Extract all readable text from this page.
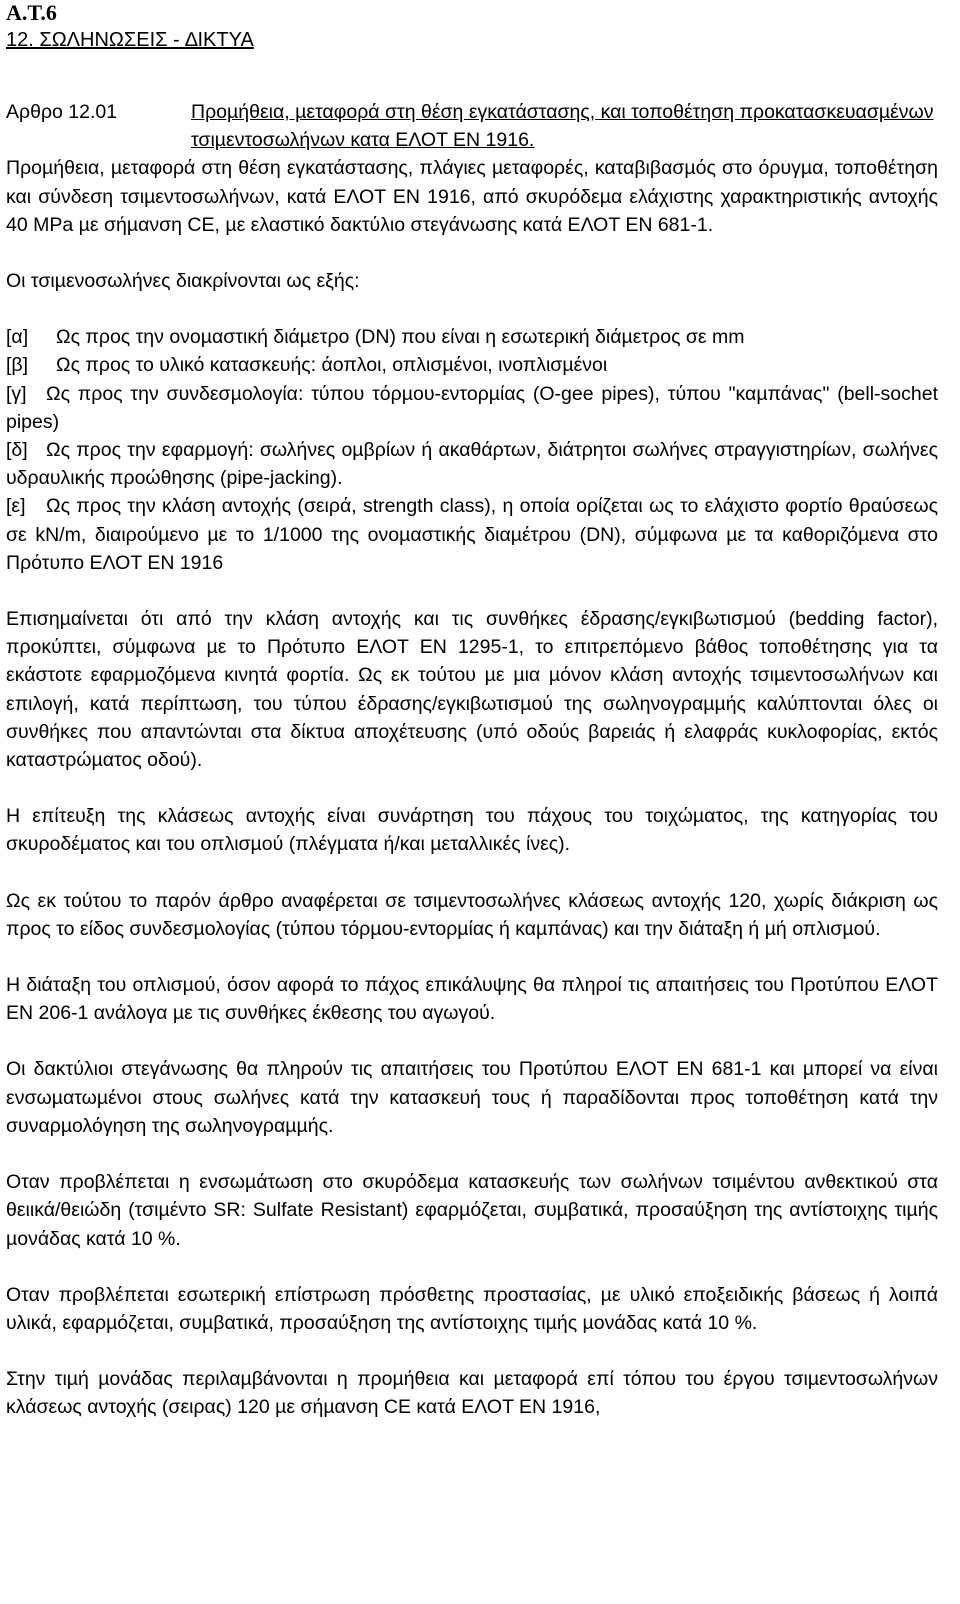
Α.Τ.6
12. ΣΩΛΗΝΩΣΕΙΣ - ∆ΙΚΤΥΑ
Αρθρο 12.01	Προµήθεια, µεταφορά στη θέση εγκατάστασης, και τοποθέτηση προκατασκευασµένων τσιµεντοσωλήνων κατα ΕΛΟΤ ΕΝ 1916.

Προµήθεια, µεταφορά στη θέση εγκατάστασης, πλάγιες µεταφορές, καταβιβασµός στο όρυγµα, τοποθέτηση και σύνδεση τσιµεντοσωλήνων, κατά ΕΛΟΤ ΕΝ 1916, από σκυρόδεµα ελάχιστης χαρακτηριστικής αντοχής 40 MPa µε σήµανση CE, µε ελαστικό δακτύλιο στεγάνωσης κατά ΕΛΟΤ ΕΝ 681-1.

Οι τσιµενοσωλήνες διακρίνονται ως εξής:

[α]	Ως προς την ονοµαστική διάµετρο (DN) που είναι η εσωτερική διάµετρος σε mm
[β]	Ως προς το υλικό κατασκευής: άοπλοι, οπλισµένοι, ινοπλισµένοι

[γ] Ως προς την συνδεσµολογία: τύπου τόρµου-εντορµίας (O-gee pipes), τύπου "καµπάνας" (bell-sochet pipes)

[δ] Ως προς την εφαρµογή: σωλήνες οµβρίων ή ακαθάρτων, διάτρητοι σωλήνες στραγγιστηρίων, σωλήνες υδραυλικής προώθησης (pipe-jacking).

[ε] Ως προς την κλάση αντοχής (σειρά, strength class), η οποία ορίζεται ως το ελάχιστο φορτίο θραύσεως σε kN/m, διαιρούµενο µε το 1/1000 της ονοµαστικής διαµέτρου (DN), σύµφωνα µε τα καθοριζόµενα στο Πρότυπο ΕΛΟΤ ΕΝ 1916

Επισηµαίνεται ότι από την κλάση αντοχής και τις συνθήκες έδρασης/εγκιβωτισµού (bedding factor), προκύπτει, σύµφωνα µε το Πρότυπο ΕΛΟΤ ΕΝ 1295-1, το επιτρεπόµενο βάθος τοποθέτησης για τα εκάστοτε εφαρµοζόµενα κινητά φορτία. Ως εκ τούτου µε µια µόνον κλάση αντοχής τσιµεντοσωλήνων και επιλογή, κατά περίπτωση, του τύπου έδρασης/εγκιβωτισµού της σωληνογραµµής καλύπτονται όλες οι συνθήκες που απαντώνται στα δίκτυα αποχέτευσης (υπό οδούς βαρειάς ή ελαφράς κυκλοφορίας, εκτός καταστρώµατος οδού).

Η επίτευξη της κλάσεως αντοχής είναι συνάρτηση του πάχους του τοιχώµατος, της κατηγορίας του σκυροδέµατος και του οπλισµού (πλέγµατα ή/και µεταλλικές ίνες).

Ως εκ τούτου το παρόν άρθρο αναφέρεται σε τσιµεντοσωλήνες κλάσεως αντοχής 120, χωρίς διάκριση ως προς το είδος συνδεσµολογίας (τύπου τόρµου-εντορµίας ή καµπάνας) και την διάταξη ή µή οπλισµού.

Η διάταξη του οπλισµού, όσον αφορά το πάχος επικάλυψης θα πληροί τις απαιτήσεις του Προτύπου ΕΛΟΤ ΕΝ 206-1 ανάλογα µε τις συνθήκες έκθεσης του αγωγού.

Οι δακτύλιοι στεγάνωσης θα πληρούν τις απαιτήσεις του Προτύπου ΕΛΟΤ ΕΝ 681-1 και µπορεί να είναι ενσωµατωµένοι στους σωλήνες κατά την κατασκευή τους ή παραδίδονται προς τοποθέτηση κατά την συναρµολόγηση της σωληνογραµµής.

Οταν προβλέπεται η ενσωµάτωση στο σκυρόδεµα κατασκευής των σωλήνων τσιµέντου ανθεκτικού στα θειικά/θειώδη (τσιµέντο SR: Sulfate Resistant) εφαρµόζεται, συµβατικά, προσαύξηση της αντίστοιχης τιµής µονάδας κατά 10 %.

Οταν προβλέπεται εσωτερική επίστρωση πρόσθετης προστασίας, µε υλικό εποξειδικής βάσεως ή λοιπά υλικά, εφαρµόζεται, συµβατικά, προσαύξηση της αντίστοιχης τιµής µονάδας κατά 10 %.

Στην τιµή µονάδας περιλαµβάνονται η προµήθεια και µεταφορά επί τόπου του έργου τσιµεντοσωλήνων κλάσεως αντοχής (σειρας) 120 µε σήµανση CE κατά ΕΛΟΤ ΕΝ 1916,
